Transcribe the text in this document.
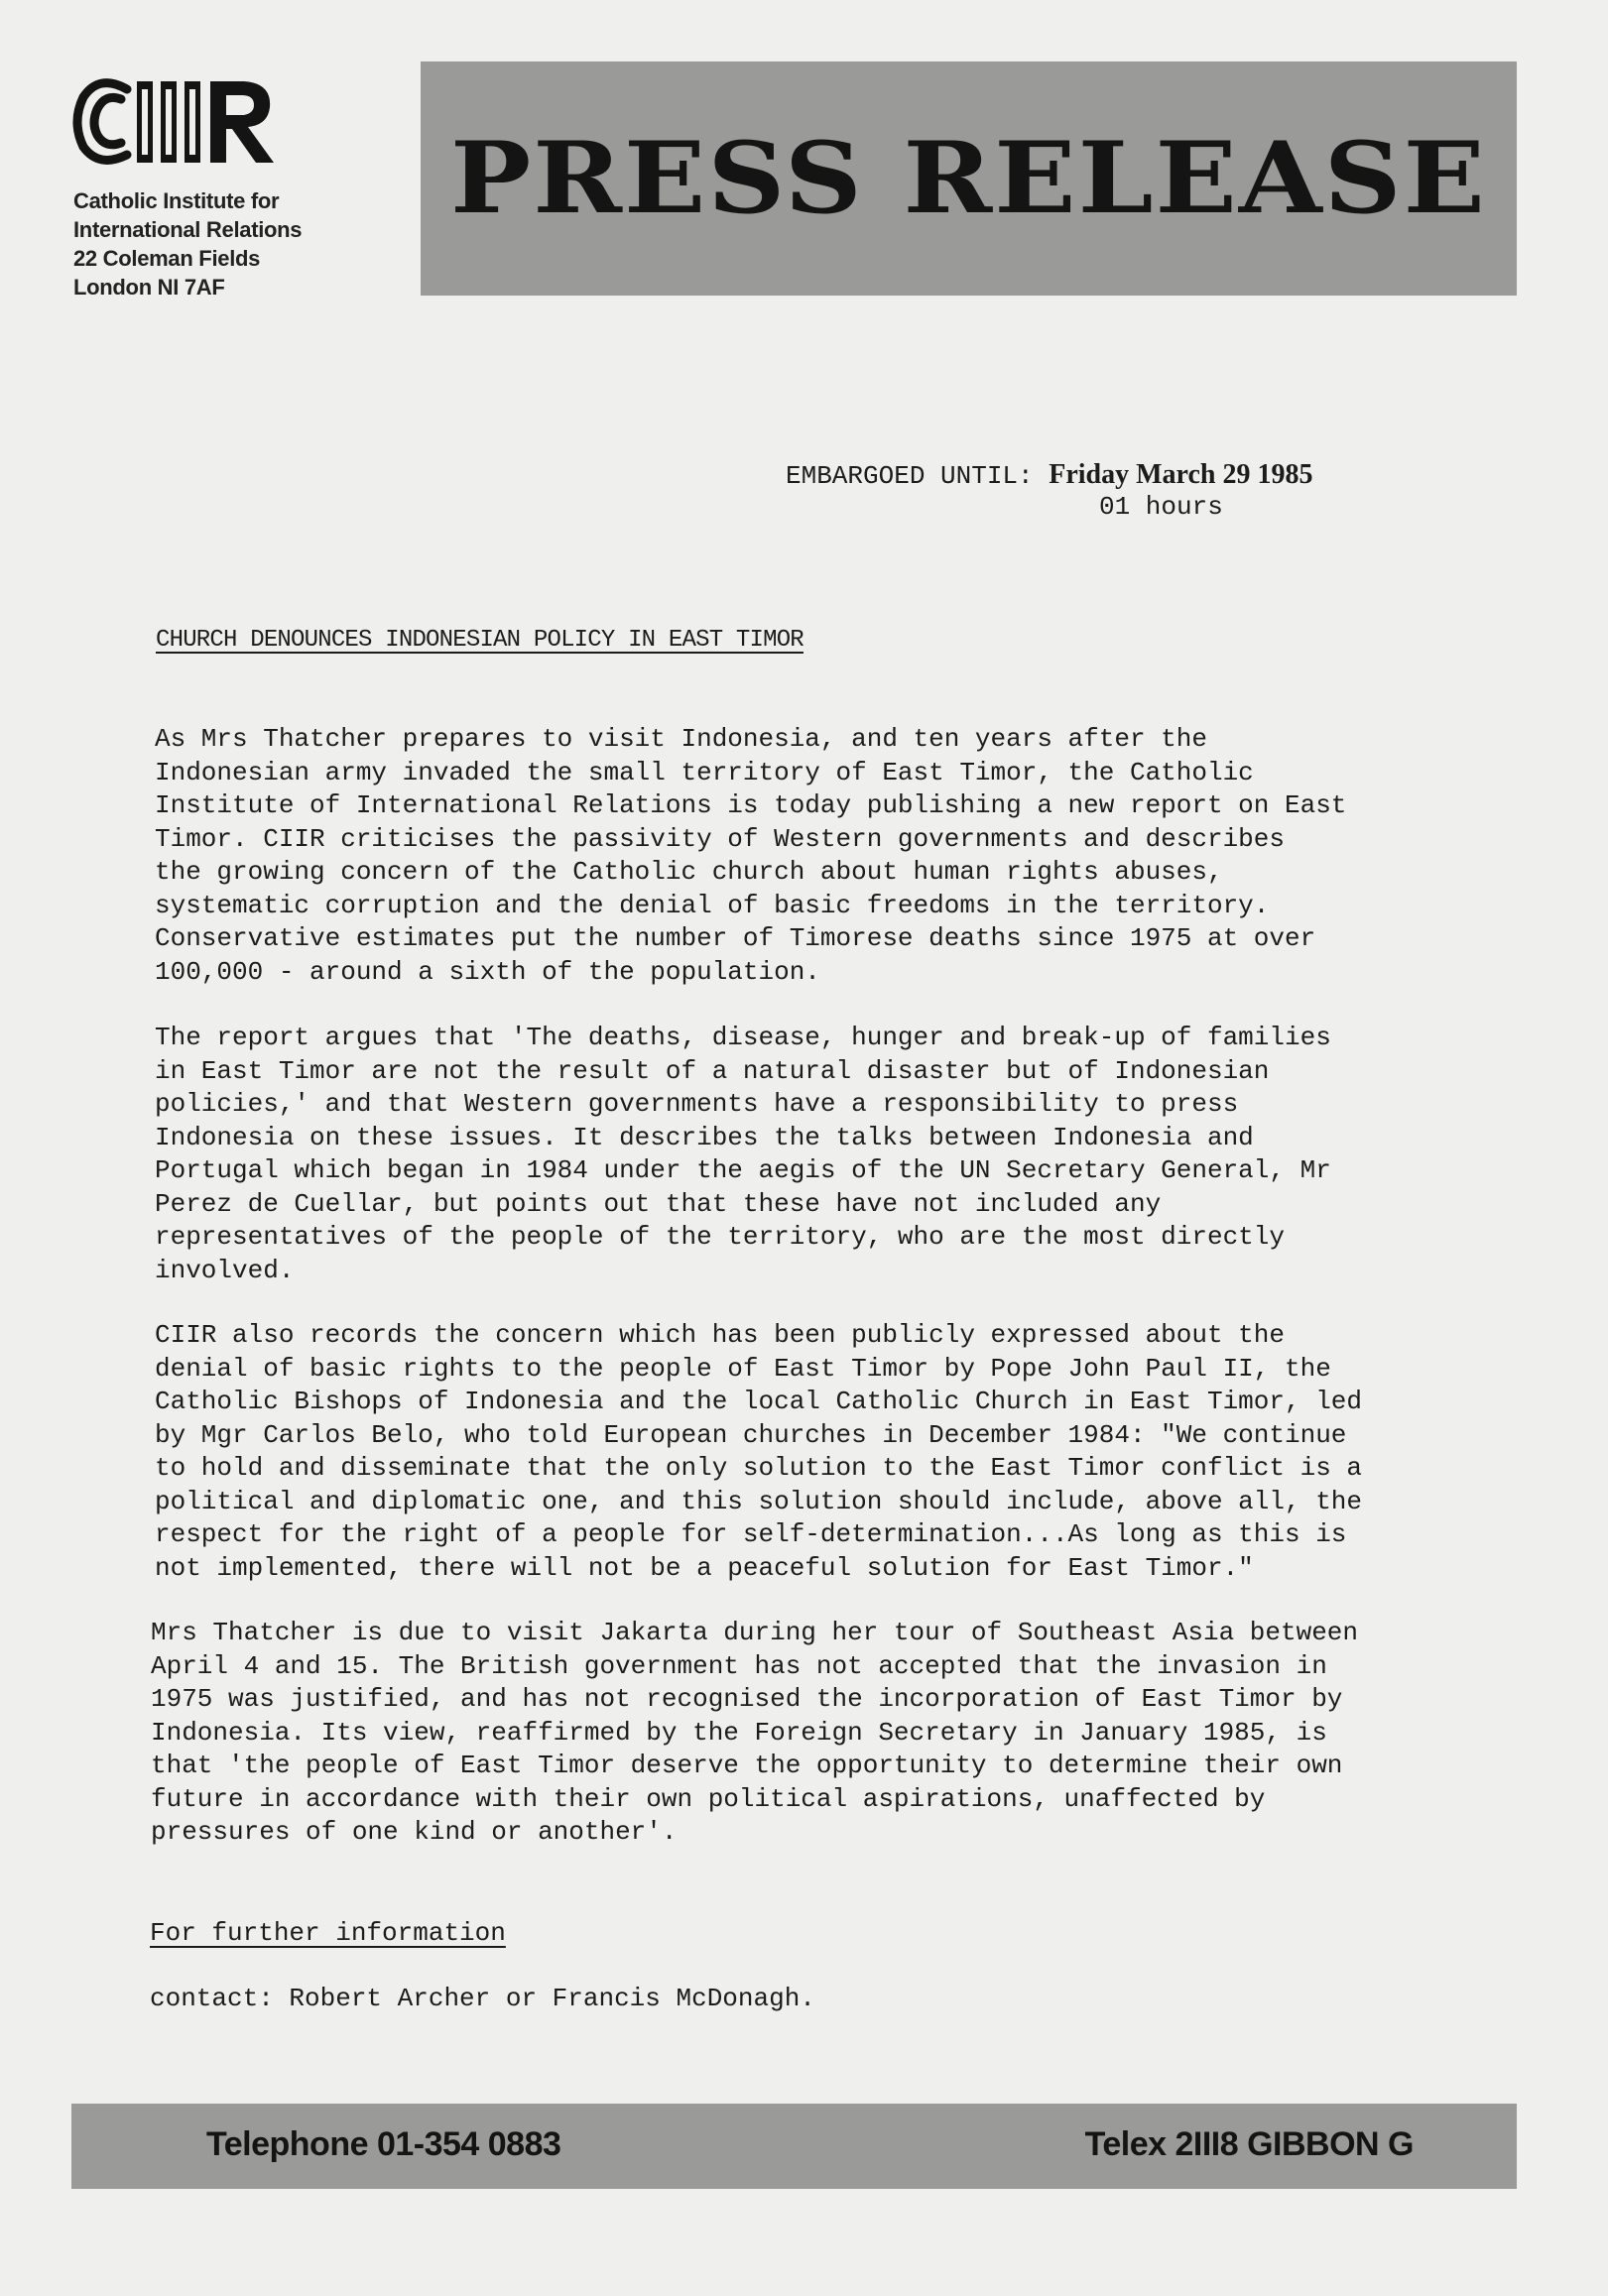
Catholic Institute for
International Relations
22 Coleman Fields
London NI 7AF
PRESS RELEASE
EMBARGOED UNTIL: Friday March 29 1985
01 hours
CHURCH DENOUNCES INDONESIAN POLICY IN EAST TIMOR
As Mrs Thatcher prepares to visit Indonesia, and ten years after the
Indonesian army invaded the small territory of East Timor, the Catholic
Institute of International Relations is today publishing a new report on East
Timor. CIIR criticises the passivity of Western governments and describes
the growing concern of the Catholic church about human rights abuses,
systematic corruption and the denial of basic freedoms in the territory.
Conservative estimates put the number of Timorese deaths since 1975 at over
100,000 - around a sixth of the population.
The report argues that 'The deaths, disease, hunger and break-up of families
in East Timor are not the result of a natural disaster but of Indonesian
policies,' and that Western governments have a responsibility to press
Indonesia on these issues. It describes the talks between Indonesia and
Portugal which began in 1984 under the aegis of the UN Secretary General, Mr
Perez de Cuellar, but points out that these have not included any
representatives of the people of the territory, who are the most directly
involved.
CIIR also records the concern which has been publicly expressed about the
denial of basic rights to the people of East Timor by Pope John Paul II, the
Catholic Bishops of Indonesia and the local Catholic Church in East Timor, led
by Mgr Carlos Belo, who told European churches in December 1984: "We continue
to hold and disseminate that the only solution to the East Timor conflict is a
political and diplomatic one, and this solution should include, above all, the
respect for the right of a people for self-determination...As long as this is
not implemented, there will not be a peaceful solution for East Timor."
Mrs Thatcher is due to visit Jakarta during her tour of Southeast Asia between
April 4 and 15. The British government has not accepted that the invasion in
1975 was justified, and has not recognised the incorporation of East Timor by
Indonesia. Its view, reaffirmed by the Foreign Secretary in January 1985, is
that 'the people of East Timor deserve the opportunity to determine their own
future in accordance with their own political aspirations, unaffected by
pressures of one kind or another'.
For further information
contact: Robert Archer or Francis McDonagh.
Telephone 01-354 0883	Telex 2III8 GIBBON G
